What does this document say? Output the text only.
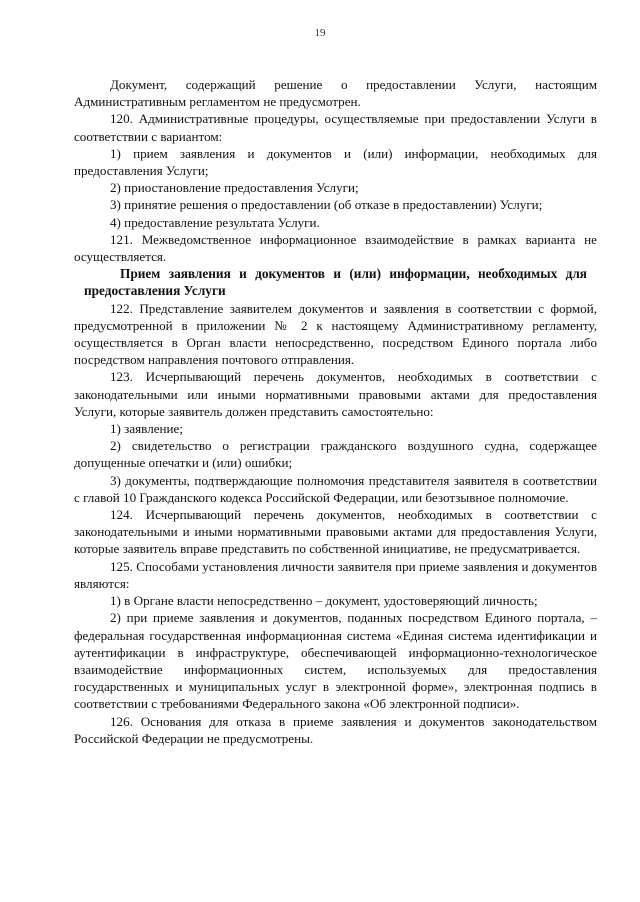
19

Документ, содержащий решение о предоставлении Услуги, настоящим Административным регламентом не предусмотрен.

120. Административные процедуры, осуществляемые при предоставлении Услуги в соответствии с вариантом:

1) прием заявления и документов и (или) информации, необходимых для предоставления Услуги;

2) приостановление предоставления Услуги;

3) принятие решения о предоставлении (об отказе в предоставлении) Услуги;

4) предоставление результата Услуги.

121. Межведомственное информационное взаимодействие в рамках варианта не осуществляется.

Прием заявления и документов и (или) информации, необходимых для предоставления Услуги

122. Представление заявителем документов и заявления в соответствии с формой, предусмотренной в приложении № 2 к настоящему Административному регламенту, осуществляется в Орган власти непосредственно, посредством Единого портала либо посредством направления почтового отправления.

123. Исчерпывающий перечень документов, необходимых в соответствии с законодательными или иными нормативными правовыми актами для предоставления Услуги, которые заявитель должен представить самостоятельно:

1) заявление;

2) свидетельство о регистрации гражданского воздушного судна, содержащее допущенные опечатки и (или) ошибки;

3) документы, подтверждающие полномочия представителя заявителя в соответствии с главой 10 Гражданского кодекса Российской Федерации, или безотзывное полномочие.

124. Исчерпывающий перечень документов, необходимых в соответствии с законодательными и иными нормативными правовыми актами для предоставления Услуги, которые заявитель вправе представить по собственной инициативе, не предусматривается.

125. Способами установления личности заявителя при приеме заявления и документов являются:

1) в Органе власти непосредственно – документ, удостоверяющий личность;

2) при приеме заявления и документов, поданных посредством Единого портала, – федеральная государственная информационная система «Единая система идентификации и аутентификации в инфраструктуре, обеспечивающей информационно-технологическое взаимодействие информационных систем, используемых для предоставления государственных и муниципальных услуг в электронной форме», электронная подпись в соответствии с требованиями Федерального закона «Об электронной подписи».

126. Основания для отказа в приеме заявления и документов законодательством Российской Федерации не предусмотрены.
